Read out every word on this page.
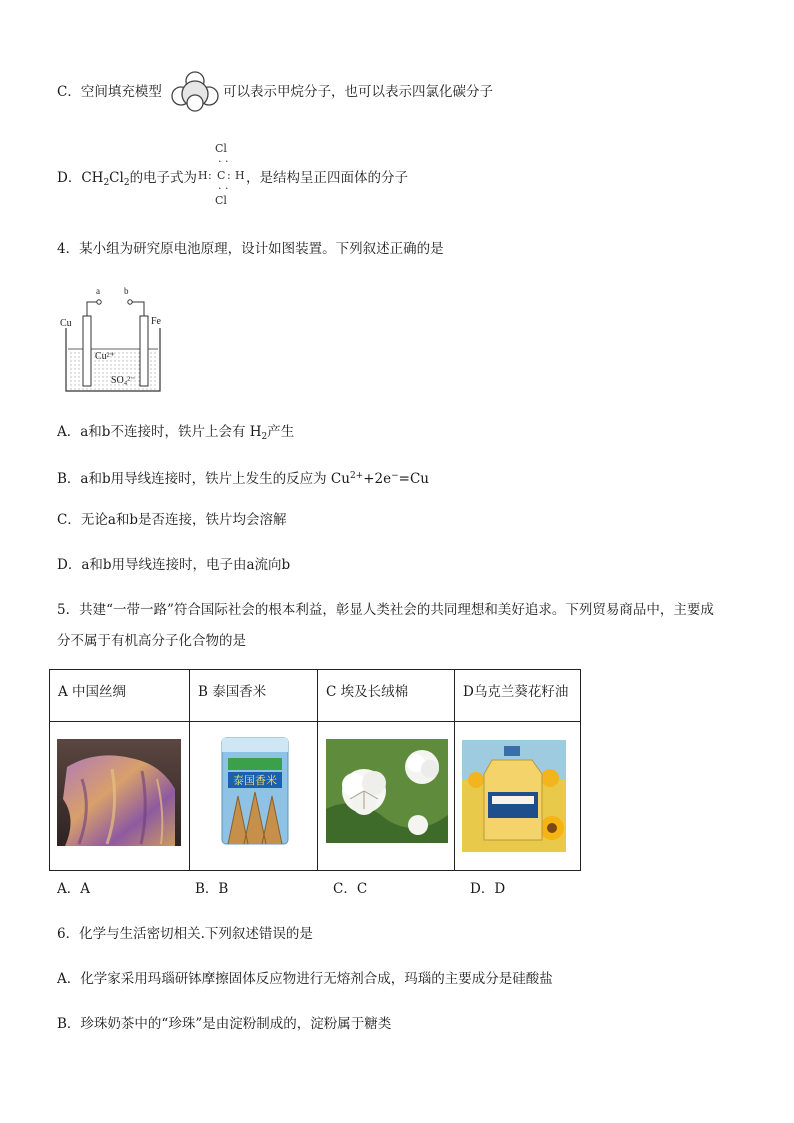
C．空间填充模型	可以表示甲烷分子，也可以表示四氯化碳分子
D．$CH_2Cl_2$的电子式为
Cl
· ·
H : C : H
· ·
Cl
，是结构呈正四面体的分子
4．某小组为研究原电池原理，设计如图装置。下列叙述正确的是
a	b
Cu	Fe
Cu²⁺
SO₄²⁻
A．a和b不连接时，铁片上会有 $H_2$产生
B．a和b用导线连接时，铁片上发生的反应为 $Cu^{2+}+2e^-=Cu$
C．无论a和b是否连接，铁片均会溶解
D．a和b用导线连接时，电子由a流向b
5．共建“一带一路”符合国际社会的根本利益，彰显人类社会的共同理想和美好追求。下列贸易商品中，主要成
分不属于有机高分子化合物的是
A 中国丝绸	B 泰国香米	C 埃及长绒棉	D乌克兰葵花籽油

泰国香米

A．A	B．B	C．C	D．D
6．化学与生活密切相关.下列叙述错误的是
A．化学家采用玛瑙研钵摩擦固体反应物进行无熔剂合成，玛瑙的主要成分是硅酸盐
B．珍珠奶茶中的“珍珠”是由淀粉制成的，淀粉属于糖类
